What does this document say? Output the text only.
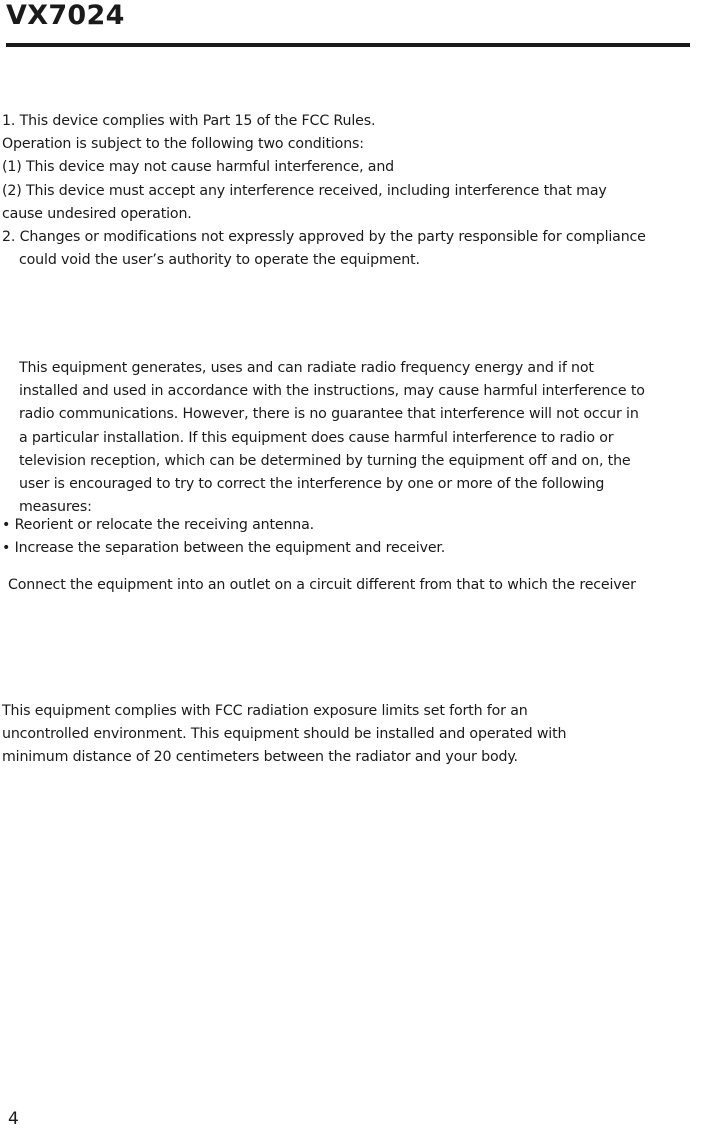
VX7024
1. This device complies with Part 15 of the FCC Rules.
Operation is subject to the following two conditions:
(1) This device may not cause harmful interference, and
(2) This device must accept any interference received, including interference that may
cause undesired operation.
2. Changes or modifications not expressly approved by the party responsible for compliance
could void the user’s authority to operate the equipment.
This equipment generates, uses and can radiate radio frequency energy and if not
installed and used in accordance with the instructions, may cause harmful interference to
radio communications. However, there is no guarantee that interference will not occur in
a particular installation. If this equipment does cause harmful interference to radio or
television reception, which can be determined by turning the equipment off and on, the
user is encouraged to try to correct the interference by one or more of the following
measures:
• Reorient or relocate the receiving antenna.
• Increase the separation between the equipment and receiver.
Connect the equipment into an outlet on a circuit different from that to which the receiver
This equipment complies with FCC radiation exposure limits set forth for an
uncontrolled environment. This equipment should be installed and operated with
minimum distance of 20 centimeters between the radiator and your body.
4
